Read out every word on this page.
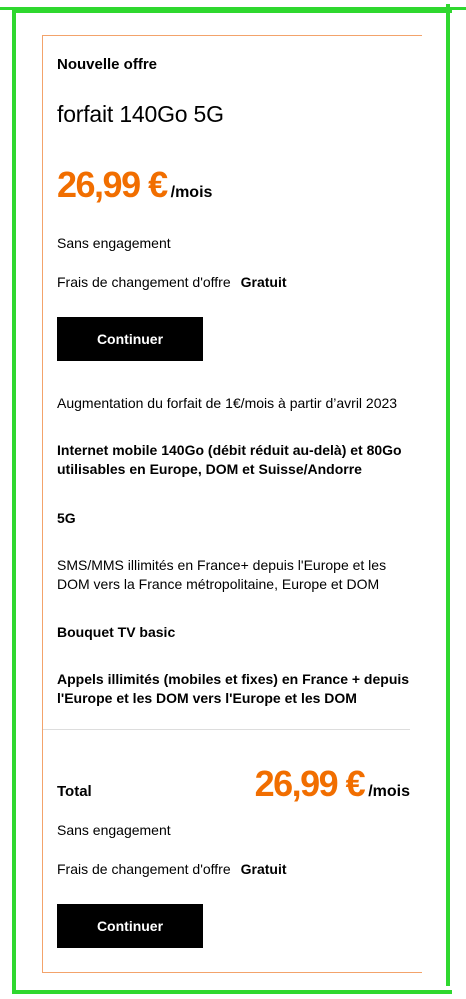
Nouvelle offre
forfait 140Go 5G
26,99 € /mois
Sans engagement
Frais de changement d'offre Gratuit
Continuer
Augmentation du forfait de 1€/mois à partir d’avril 2023
Internet mobile 140Go (débit réduit au-delà) et 80Go utilisables en Europe, DOM et Suisse/Andorre
5G
SMS/MMS illimités en France+ depuis l'Europe et les DOM vers la France métropolitaine, Europe et DOM
Bouquet TV basic
Appels illimités (mobiles et fixes) en France + depuis l'Europe et les DOM vers l'Europe et les DOM
Total	26,99 € /mois
Sans engagement
Frais de changement d'offre Gratuit
Continuer
